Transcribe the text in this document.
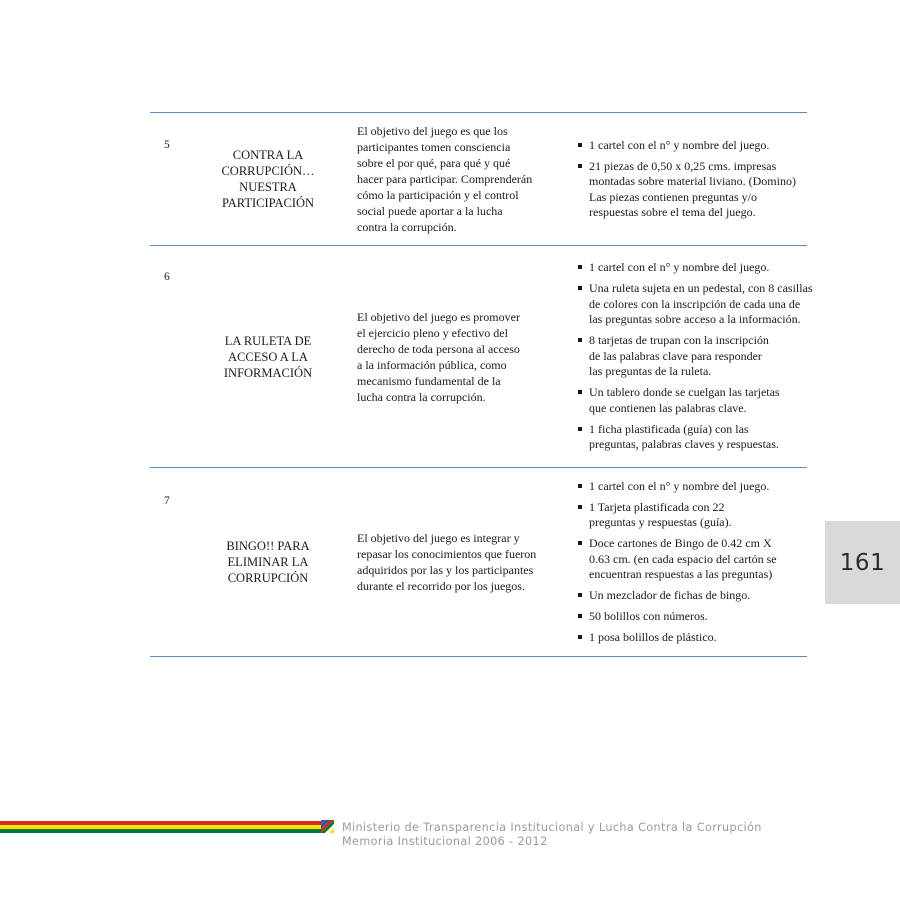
5
CONTRA LA
CORRUPCIÓN…
NUESTRA
PARTICIPACIÓN
El objetivo del juego es que los
participantes tomen consciencia
sobre el por qué, para qué y qué
hacer para participar. Comprenderán
cómo la participación y el control
social puede aportar a la lucha
contra la corrupción.
1 cartel con el n° y nombre del juego.
21 piezas de 0,50 x 0,25 cms. impresas
montadas sobre material liviano. (Domino)
Las piezas contienen preguntas y/o
respuestas sobre el tema del juego.
6
LA RULETA DE
ACCESO A LA
INFORMACIÓN
El objetivo del juego es promover
el ejercicio pleno y efectivo del
derecho de toda persona al acceso
a la información pública, como
mecanismo fundamental de la
lucha contra la corrupción.
1 cartel con el n° y nombre del juego.
Una ruleta sujeta en un pedestal, con 8 casillas
de colores con la inscripción de cada una de
las preguntas sobre acceso a la información.
8 tarjetas de trupan con la inscripción
de las palabras clave para responder
las preguntas de la ruleta.
Un tablero donde se cuelgan las tarjetas
que contienen las palabras clave.
1 ficha plastificada (guía) con las
preguntas, palabras claves y respuestas.
7
BINGO!! PARA
ELIMINAR LA
CORRUPCIÓN
El objetivo del juego es integrar y
repasar los conocimientos que fueron
adquiridos por las y los participantes
durante el recorrido por los juegos.
1 cartel con el n° y nombre del juego.
1 Tarjeta plastificada con 22
preguntas y respuestas (guía).
Doce cartones de Bingo de 0.42 cm X
0.63 cm. (en cada espacio del cartón se
encuentran respuestas a las preguntas)
Un mezclador de fichas de bingo.
50 bolillos con números.
1 posa bolillos de plástico.
161
Ministerio de Transparencia Institucional y Lucha Contra la Corrupción
Memoria Institucional 2006 - 2012
